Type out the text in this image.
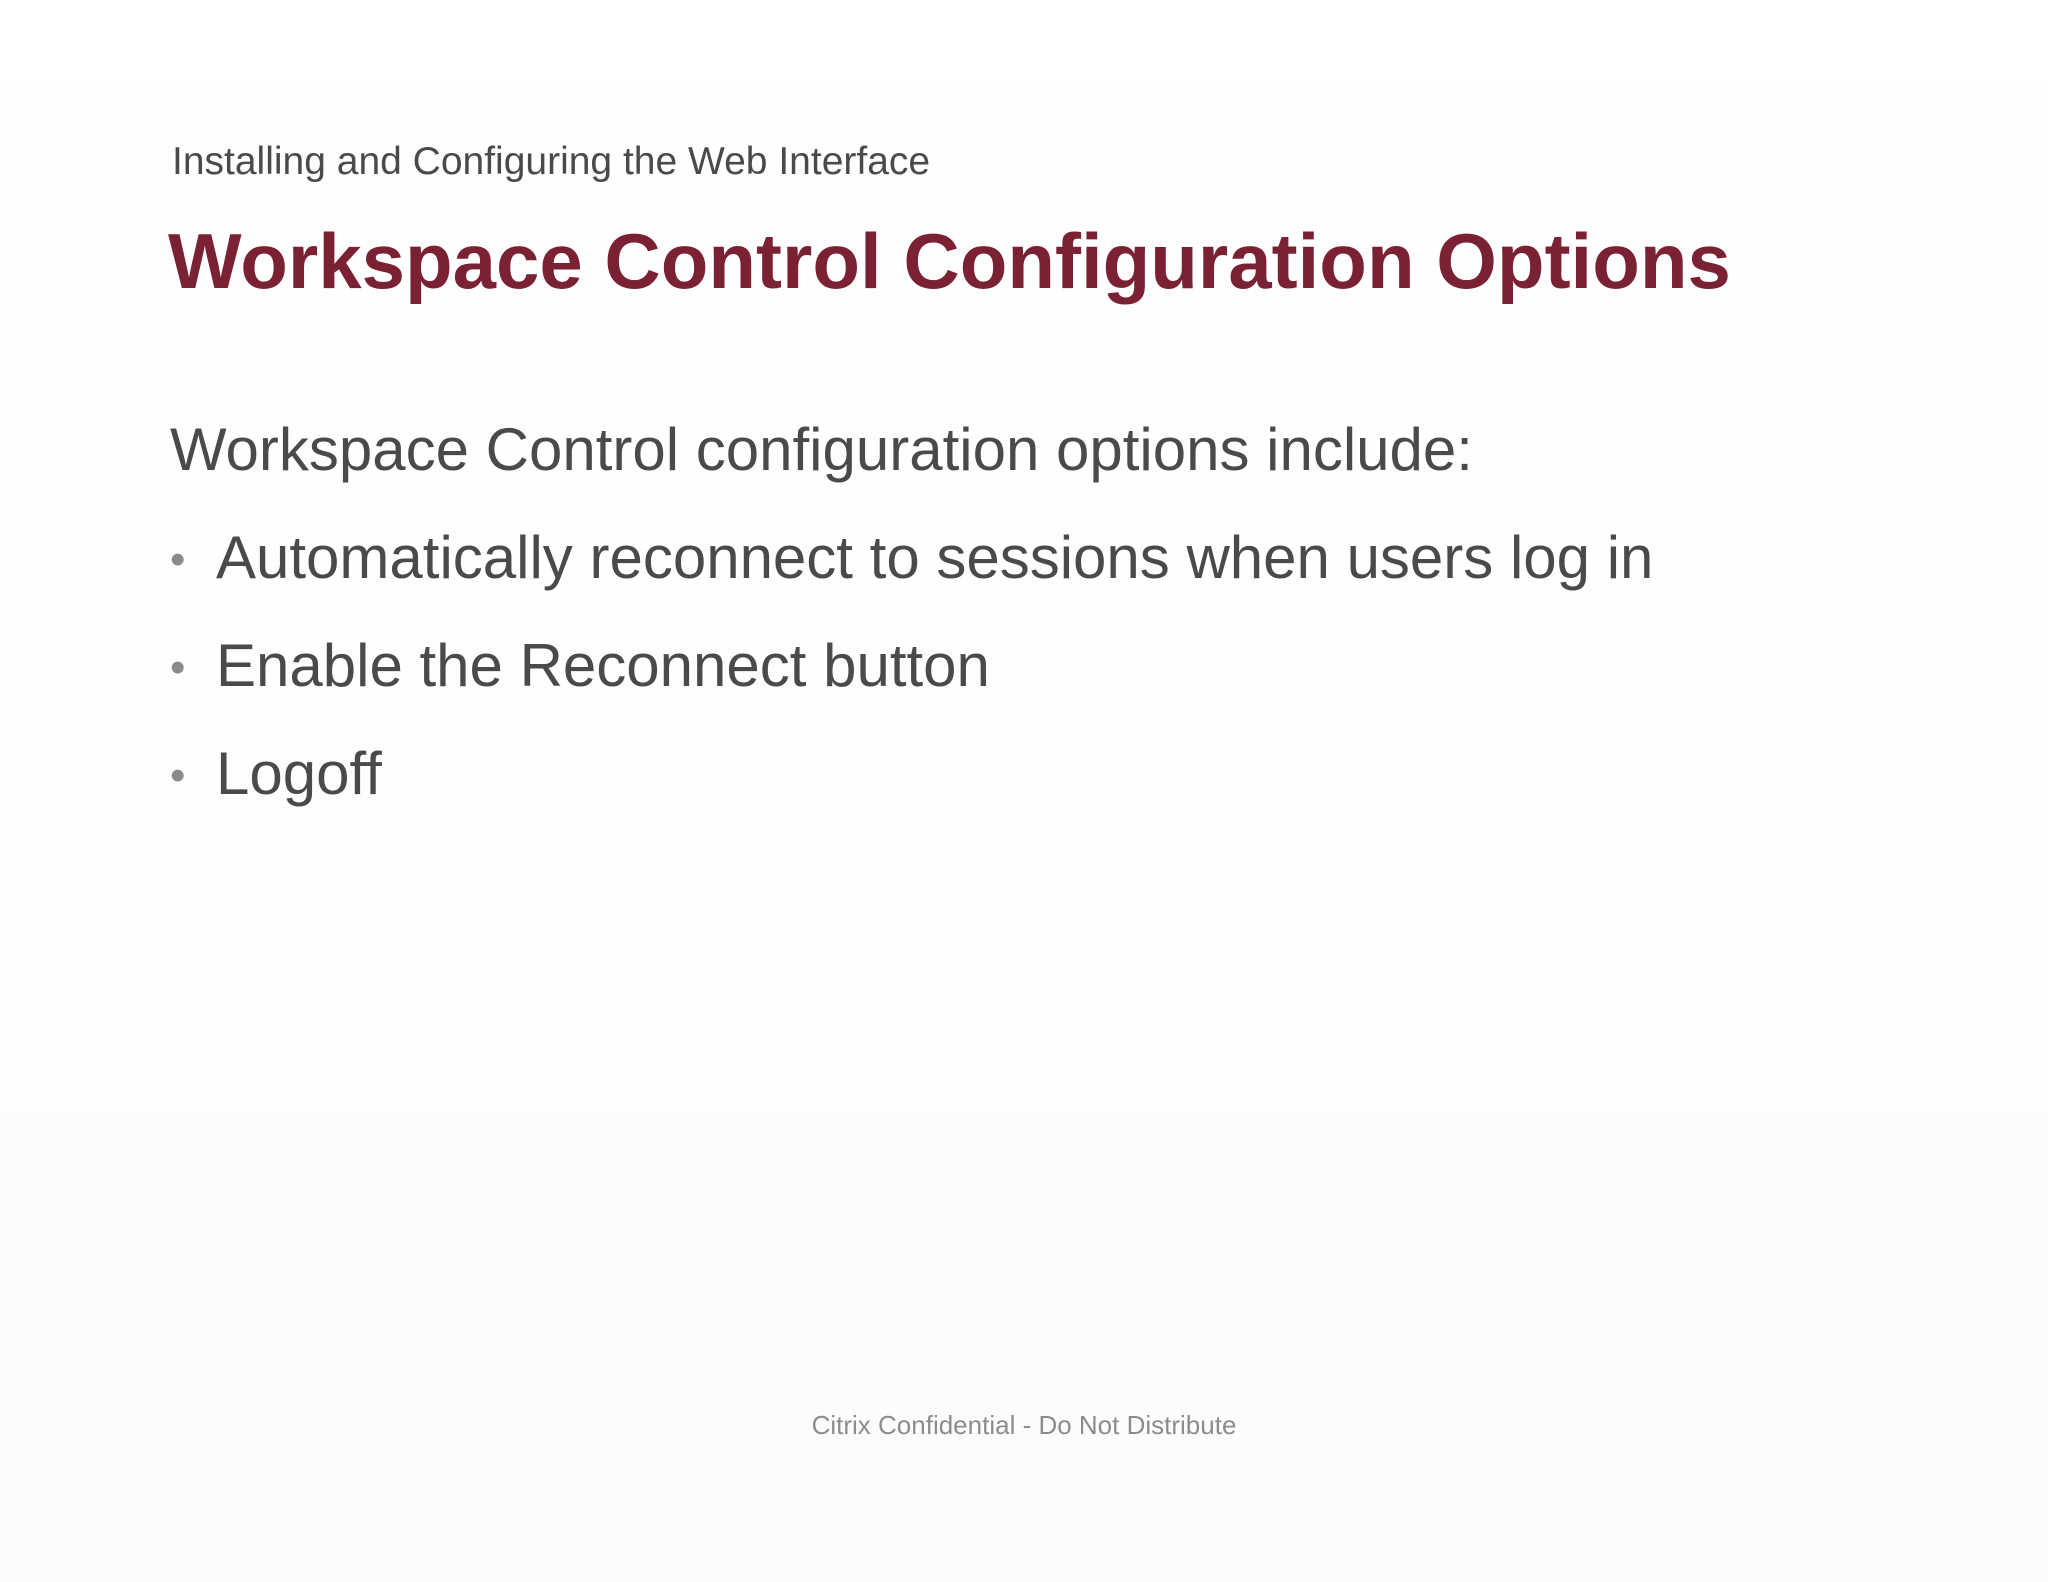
Installing and Configuring the Web Interface
Workspace Control Configuration Options
Workspace Control configuration options include:
• Automatically reconnect to sessions when users log in
• Enable the Reconnect button
• Logoff
Citrix Confidential - Do Not Distribute
